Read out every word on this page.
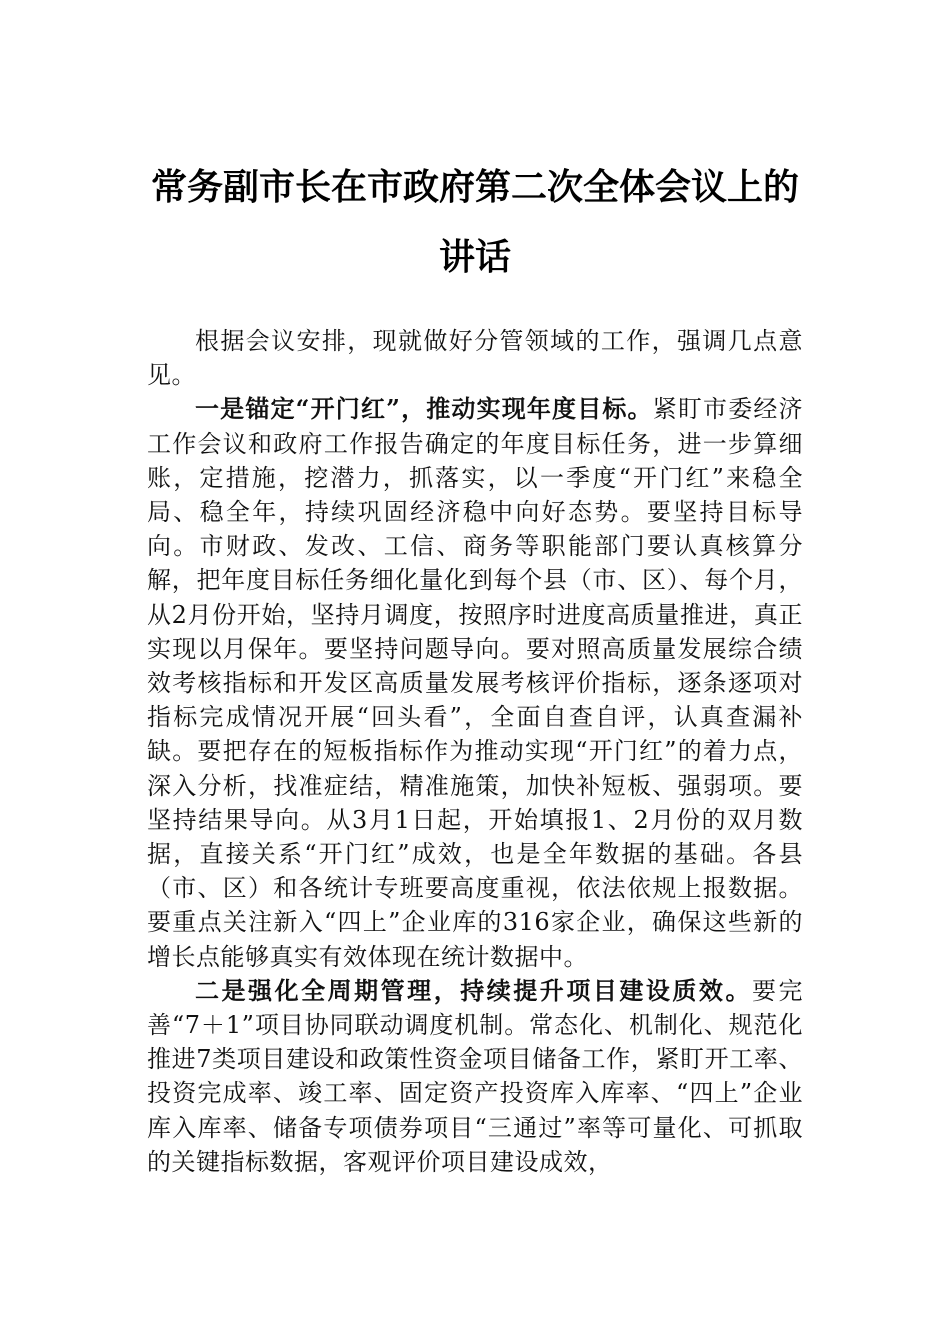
常务副市长在市政府第二次全体会议上的讲话

根据会议安排，现就做好分管领域的工作，强调几点意见。

一是锚定“开门红”，推动实现年度目标。紧盯市委经济工作会议和政府工作报告确定的年度目标任务，进一步算细账，定措施，挖潜力，抓落实，以一季度“开门红”来稳全局、稳全年，持续巩固经济稳中向好态势。要坚持目标导向。市财政、发改、工信、商务等职能部门要认真核算分解，把年度目标任务细化量化到每个县（市、区）、每个月，从2月份开始，坚持月调度，按照序时进度高质量推进，真正实现以月保年。要坚持问题导向。要对照高质量发展综合绩效考核指标和开发区高质量发展考核评价指标，逐条逐项对指标完成情况开展“回头看”，全面自查自评，认真查漏补缺。要把存在的短板指标作为推动实现“开门红”的着力点，深入分析，找准症结，精准施策，加快补短板、强弱项。要坚持结果导向。从3月1日起，开始填报1、2月份的双月数据，直接关系“开门红”成效，也是全年数据的基础。各县（市、区）和各统计专班要高度重视，依法依规上报数据。要重点关注新入“四上”企业库的316家企业，确保这些新的增长点能够真实有效体现在统计数据中。

二是强化全周期管理，持续提升项目建设质效。要完善“7＋1”项目协同联动调度机制。常态化、机制化、规范化推进7类项目建设和政策性资金项目储备工作，紧盯开工率、投资完成率、竣工率、固定资产投资库入库率、“四上”企业库入库率、储备专项债券项目“三通过”率等可量化、可抓取的关键指标数据，客观评价项目建设成效，
